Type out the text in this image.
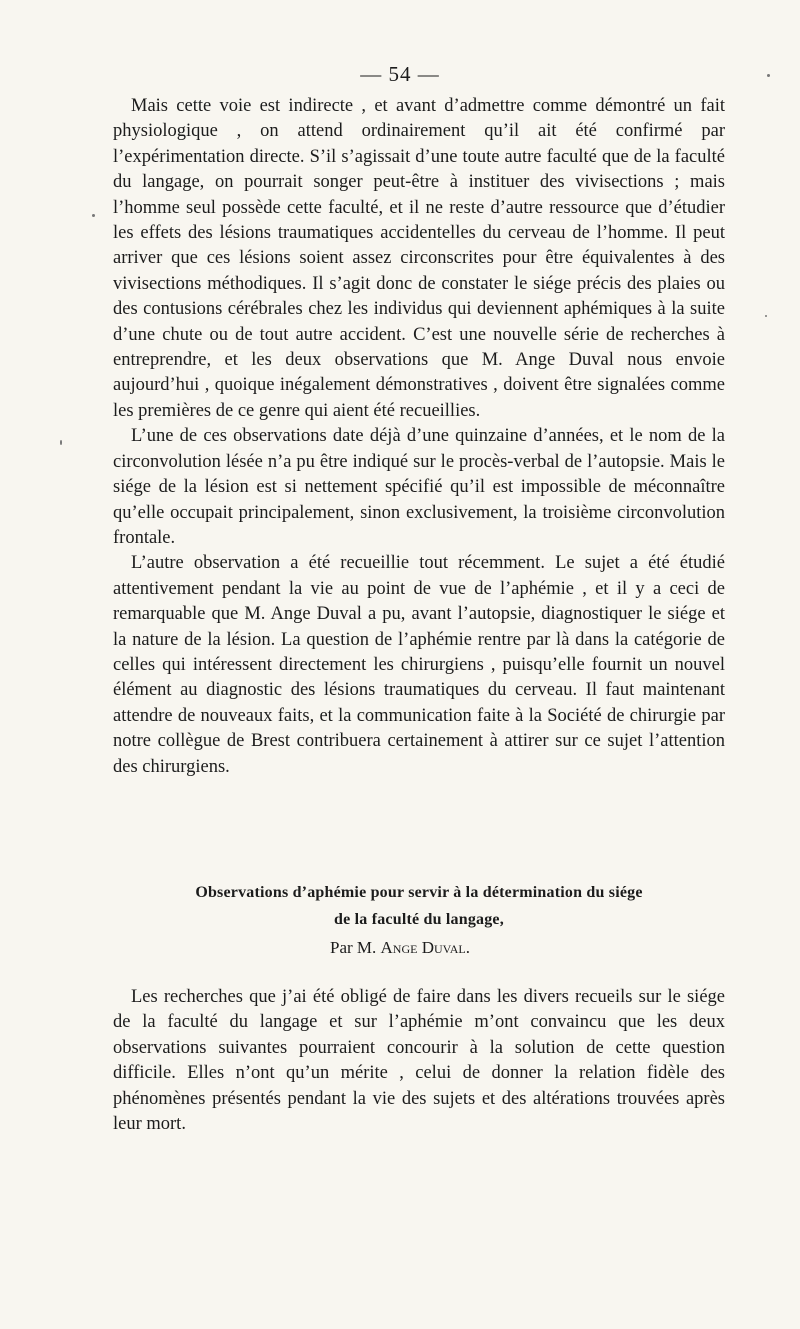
— 54 —

Mais cette voie est indirecte , et avant d’admettre comme démontré un fait physiologique , on attend ordinairement qu’il ait été confirmé par l’expérimentation directe. S’il s’agissait d’une toute autre faculté que de la faculté du langage, on pourrait songer peut-être à instituer des vivisections ; mais l’homme seul possède cette faculté, et il ne reste d’autre ressource que d’étudier les effets des lésions traumatiques accidentelles du cerveau de l’homme. Il peut arriver que ces lésions soient assez circonscrites pour être équivalentes à des vivisections méthodiques. Il s’agit donc de constater le siége précis des plaies ou des contusions cérébrales chez les individus qui deviennent aphémiques à la suite d’une chute ou de tout autre accident. C’est une nouvelle série de recherches à entreprendre, et les deux observations que M. Ange Duval nous envoie aujourd’hui , quoique inégalement démonstratives , doivent être signalées comme les premières de ce genre qui aient été recueillies.

L’une de ces observations date déjà d’une quinzaine d’années, et le nom de la circonvolution lésée n’a pu être indiqué sur le procès-verbal de l’autopsie. Mais le siége de la lésion est si nettement spécifié qu’il est impossible de méconnaître qu’elle occupait principalement, sinon exclusivement, la troisième circonvolution frontale.

L’autre observation a été recueillie tout récemment. Le sujet a été étudié attentivement pendant la vie au point de vue de l’aphémie , et il y a ceci de remarquable que M. Ange Duval a pu, avant l’autopsie, diagnostiquer le siége et la nature de la lésion. La question de l’aphémie rentre par là dans la catégorie de celles qui intéressent directement les chirurgiens , puisqu’elle fournit un nouvel élément au diagnostic des lésions traumatiques du cerveau. Il faut maintenant attendre de nouveaux faits, et la communication faite à la Société de chirurgie par notre collègue de Brest contribuera certainement à attirer sur ce sujet l’attention des chirurgiens.

Observations d’aphémie pour servir à la détermination du siége
de la faculté du langage,
Par M. Ange Duval.

Les recherches que j’ai été obligé de faire dans les divers recueils sur le siége de la faculté du langage et sur l’aphémie m’ont convaincu que les deux observations suivantes pourraient concourir à la solution de cette question difficile. Elles n’ont qu’un mérite , celui de donner la relation fidèle des phénomènes présentés pendant la vie des sujets et des altérations trouvées après leur mort.
